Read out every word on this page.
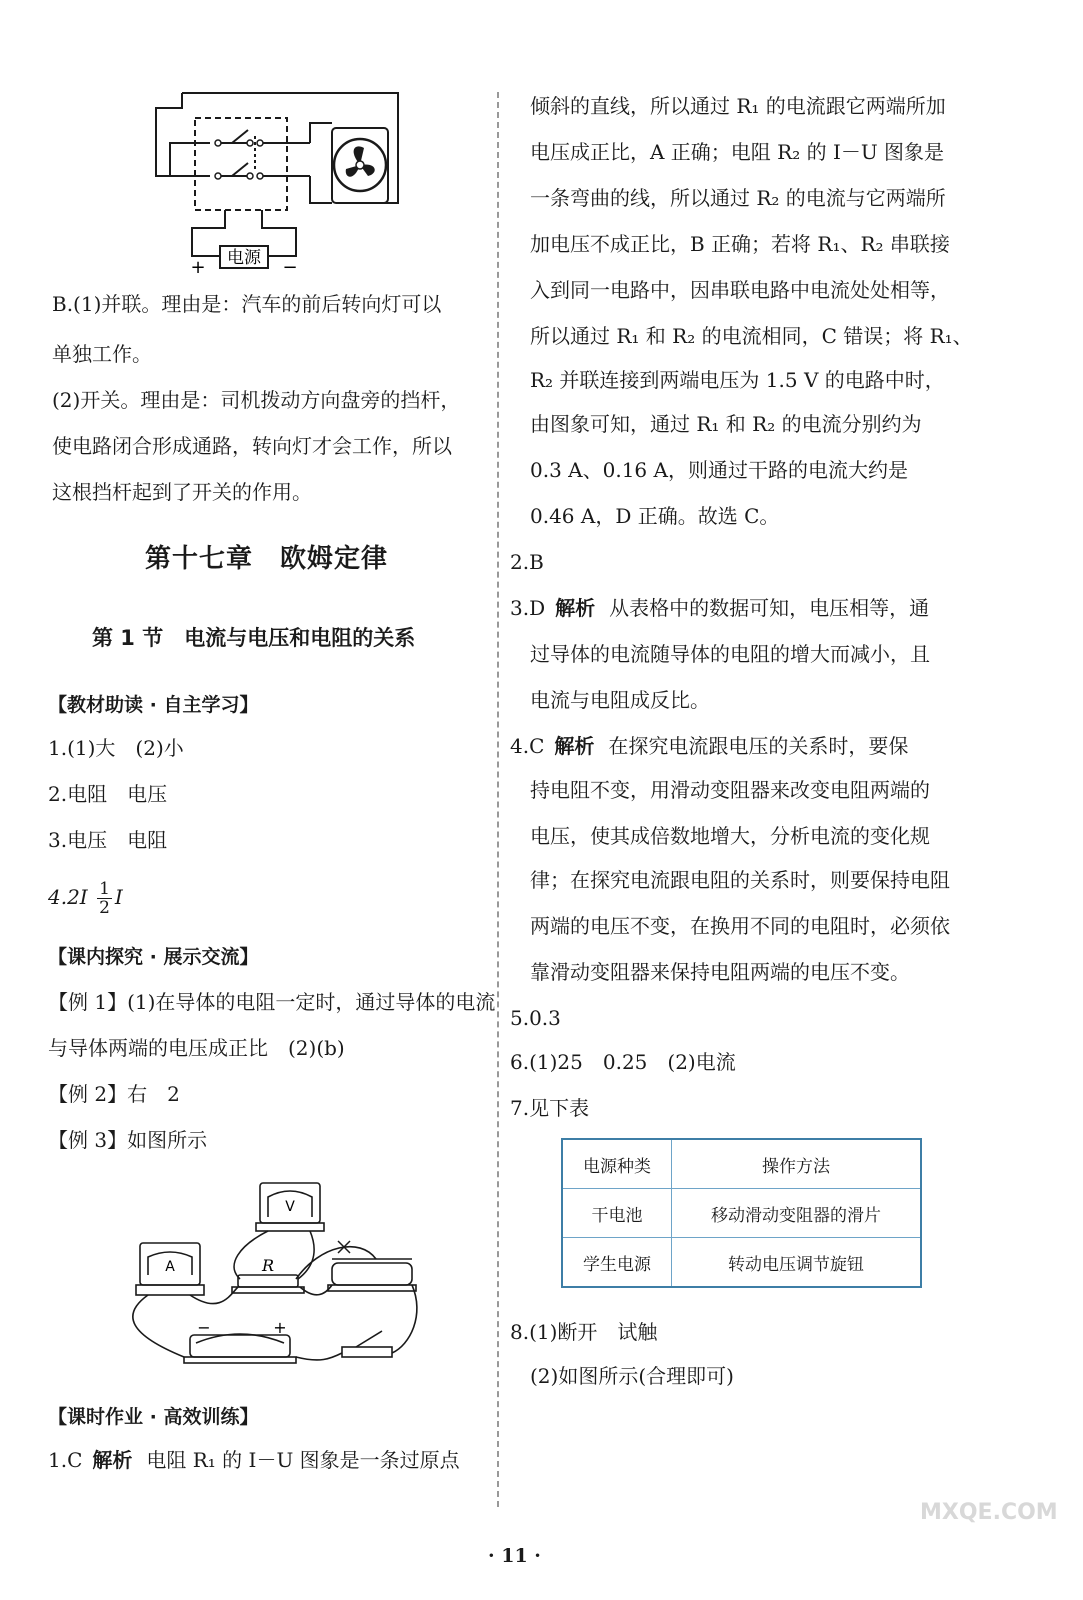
电源
+	−
B.(1)并联。理由是：汽车的前后转向灯可以
单独工作。
(2)开关。理由是：司机拨动方向盘旁的挡杆，
使电路闭合形成通路，转向灯才会工作，所以
这根挡杆起到了开关的作用。
第十七章　欧姆定律
第 1 节　电流与电压和电阻的关系
【教材助读 · 自主学习】
1.(1)大　(2)小
2.电阻　电压
3.电压　电阻
$4.2I \frac{1}{2}$ I
【课内探究 · 展示交流】
【例 1】(1)在导体的电阻一定时，通过导体的电流
与导体两端的电压成正比　(2)(b)
【例 2】右　2
【例 3】如图所示
V
A	R
−	+
【课时作业 · 高效训练】
1.C 解析 电阻 R₁ 的 I－U 图象是一条过原点
倾斜的直线，所以通过 R₁ 的电流跟它两端所加
电压成正比，A 正确；电阻 R₂ 的 I－U 图象是
一条弯曲的线，所以通过 R₂ 的电流与它两端所
加电压不成正比，B 正确；若将 R₁、R₂ 串联接
入到同一电路中，因串联电路中电流处处相等，
所以通过 R₁ 和 R₂ 的电流相同，C 错误；将 R₁、
R₂ 并联连接到两端电压为 1.5 V 的电路中时，
由图象可知，通过 R₁ 和 R₂ 的电流分别约为
0.3 A、0.16 A，则通过干路的电流大约是
0.46 A，D 正确。故选 C。
2.B
3.D 解析 从表格中的数据可知，电压相等，通
过导体的电流随导体的电阻的增大而减小，且
电流与电阻成反比。
4.C 解析 在探究电流跟电压的关系时，要保
持电阻不变，用滑动变阻器来改变电阻两端的
电压，使其成倍数地增大，分析电流的变化规
律；在探究电流跟电阻的关系时，则要保持电阻
两端的电压不变，在换用不同的电阻时，必须依
靠滑动变阻器来保持电阻两端的电压不变。
5.0.3
6.(1)25　0.25　(2)电流
7.见下表
8.(1)断开　试触
(2)如图所示(合理即可)
电源种类	操作方法
干电池	移动滑动变阻器的滑片
学生电源	转动电压调节旋钮
· 11 ·
MXQE.COM
